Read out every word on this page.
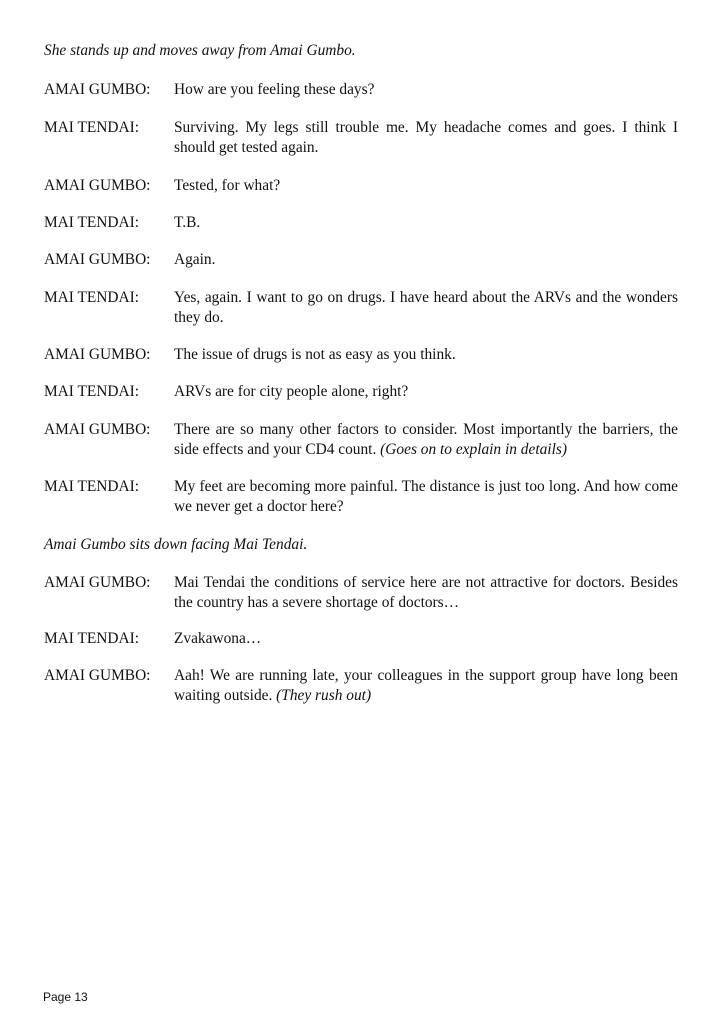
She stands up and moves away from Amai Gumbo.
AMAI GUMBO:	How are you feeling these days?
MAI TENDAI:	Surviving. My legs still trouble me. My headache comes and goes. I think I should get tested again.
AMAI GUMBO:	Tested, for what?
MAI TENDAI:	T.B.
AMAI GUMBO:	Again.
MAI TENDAI:	Yes, again. I want to go on drugs. I have heard about the ARVs and the wonders they do.
AMAI GUMBO:	The issue of drugs is not as easy as you think.
MAI TENDAI:	ARVs are for city people alone, right?
AMAI GUMBO:	There are so many other factors to consider. Most importantly the barriers, the side effects and your CD4 count. (Goes on to explain in details)
MAI TENDAI:	My feet are becoming more painful. The distance is just too long. And how come we never get a doctor here?
Amai Gumbo sits down facing Mai Tendai.
AMAI GUMBO:	Mai Tendai the conditions of service here are not attractive for doctors. Besides the country has a severe shortage of doctors…
MAI TENDAI:	Zvakawona…
AMAI GUMBO:	Aah! We are running late, your colleagues in the support group have long been waiting outside. (They rush out)
Page 13
